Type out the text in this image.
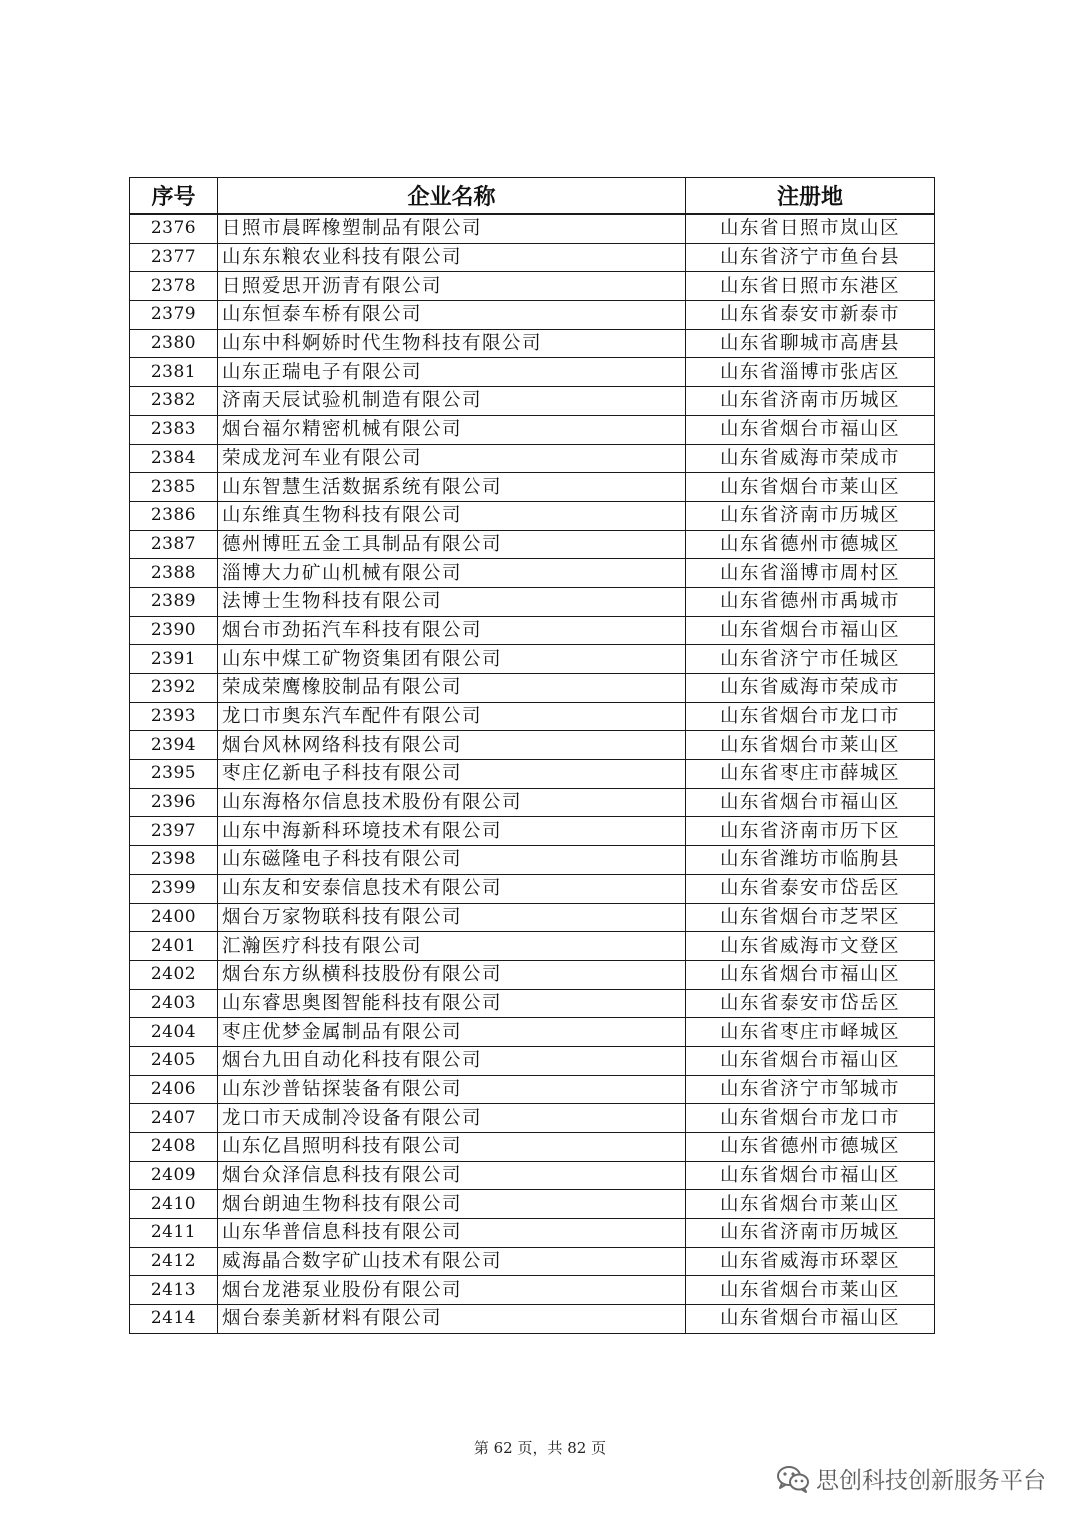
序号	企业名称	注册地
2376	日照市晨晖橡塑制品有限公司	山东省日照市岚山区
2377	山东东粮农业科技有限公司	山东省济宁市鱼台县
2378	日照爱思开沥青有限公司	山东省日照市东港区
2379	山东恒泰车桥有限公司	山东省泰安市新泰市
2380	山东中科婀娇时代生物科技有限公司	山东省聊城市高唐县
2381	山东正瑞电子有限公司	山东省淄博市张店区
2382	济南天辰试验机制造有限公司	山东省济南市历城区
2383	烟台福尔精密机械有限公司	山东省烟台市福山区
2384	荣成龙河车业有限公司	山东省威海市荣成市
2385	山东智慧生活数据系统有限公司	山东省烟台市莱山区
2386	山东维真生物科技有限公司	山东省济南市历城区
2387	德州博旺五金工具制品有限公司	山东省德州市德城区
2388	淄博大力矿山机械有限公司	山东省淄博市周村区
2389	法博士生物科技有限公司	山东省德州市禹城市
2390	烟台市劲拓汽车科技有限公司	山东省烟台市福山区
2391	山东中煤工矿物资集团有限公司	山东省济宁市任城区
2392	荣成荣鹰橡胶制品有限公司	山东省威海市荣成市
2393	龙口市奥东汽车配件有限公司	山东省烟台市龙口市
2394	烟台风林网络科技有限公司	山东省烟台市莱山区
2395	枣庄亿新电子科技有限公司	山东省枣庄市薛城区
2396	山东海格尔信息技术股份有限公司	山东省烟台市福山区
2397	山东中海新科环境技术有限公司	山东省济南市历下区
2398	山东磁隆电子科技有限公司	山东省潍坊市临朐县
2399	山东友和安泰信息技术有限公司	山东省泰安市岱岳区
2400	烟台万家物联科技有限公司	山东省烟台市芝罘区
2401	汇瀚医疗科技有限公司	山东省威海市文登区
2402	烟台东方纵横科技股份有限公司	山东省烟台市福山区
2403	山东睿思奥图智能科技有限公司	山东省泰安市岱岳区
2404	枣庄优梦金属制品有限公司	山东省枣庄市峄城区
2405	烟台九田自动化科技有限公司	山东省烟台市福山区
2406	山东沙普钻探装备有限公司	山东省济宁市邹城市
2407	龙口市天成制冷设备有限公司	山东省烟台市龙口市
2408	山东亿昌照明科技有限公司	山东省德州市德城区
2409	烟台众泽信息科技有限公司	山东省烟台市福山区
2410	烟台朗迪生物科技有限公司	山东省烟台市莱山区
2411	山东华普信息科技有限公司	山东省济南市历城区
2412	威海晶合数字矿山技术有限公司	山东省威海市环翠区
2413	烟台龙港泵业股份有限公司	山东省烟台市莱山区
2414	烟台泰美新材料有限公司	山东省烟台市福山区
第 62 页，共 82 页
思创科技创新服务平台
